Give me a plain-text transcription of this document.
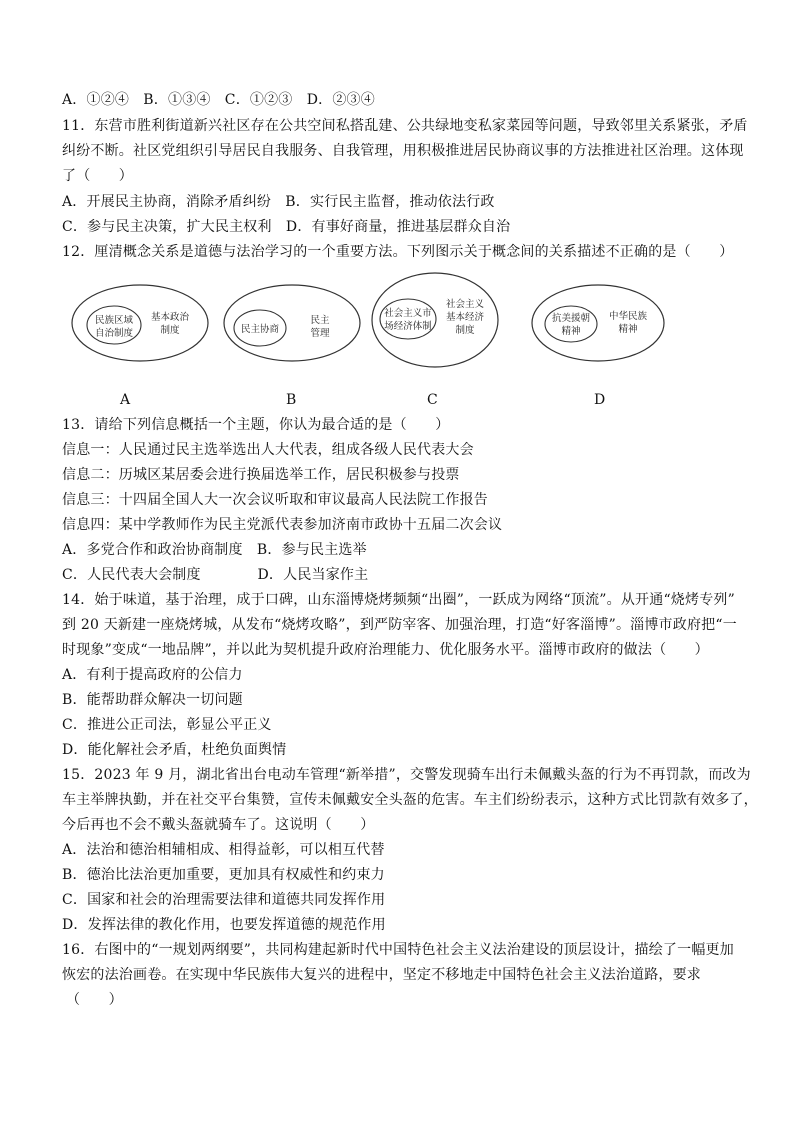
A．①②④　B．①③④　C．①②③　D．②③④
11．东营市胜利街道新兴社区存在公共空间私搭乱建、公共绿地变私家菜园等问题，导致邻里关系紧张，矛盾
纠纷不断。社区党组织引导居民自我服务、自我管理，用积极推进居民协商议事的方法推进社区治理。这体现
了（　　）
A．开展民主协商，消除矛盾纠纷　B．实行民主监督，推动依法行政
C．参与民主决策，扩大民主权利　D．有事好商量，推进基层群众自治
12．厘清概念关系是道德与法治学习的一个重要方法。下列图示关于概念间的关系描述不正确的是（　　）
民族区域
自治制度
基本政治
制度
A
民主协商
民主
管理
B
社会主义市
场经济体制
社会主义
基本经济
制度
C
抗美援朝
精神
中华民族
精神
D
13．请给下列信息概括一个主题，你认为最合适的是（　　）
信息一：人民通过民主选举选出人大代表，组成各级人民代表大会
信息二：历城区某居委会进行换届选举工作，居民积极参与投票
信息三：十四届全国人大一次会议听取和审议最高人民法院工作报告
信息四：某中学教师作为民主党派代表参加济南市政协十五届二次会议
A．多党合作和政治协商制度　B．参与民主选举
C．人民代表大会制度　　　　D．人民当家作主
14．始于味道，基于治理，成于口碑，山东淄博烧烤频频“出圈”，一跃成为网络“顶流”。从开通“烧烤专列”
到 20 天新建一座烧烤城，从发布“烧烤攻略”，到严防宰客、加强治理，打造“好客淄博”。淄博市政府把“一
时现象”变成“一地品牌”，并以此为契机提升政府治理能力、优化服务水平。淄博市政府的做法（　　）
A．有利于提高政府的公信力
B．能帮助群众解决一切问题
C．推进公正司法，彰显公平正义
D．能化解社会矛盾，杜绝负面舆情
15．2023 年 9 月，湖北省出台电动车管理“新举措”，交警发现骑车出行未佩戴头盔的行为不再罚款，而改为
车主举牌执勤，并在社交平台集赞，宣传未佩戴安全头盔的危害。车主们纷纷表示，这种方式比罚款有效多了，
今后再也不会不戴头盔就骑车了。这说明（　　）
A．法治和德治相辅相成、相得益彰，可以相互代替
B．德治比法治更加重要，更加具有权威性和约束力
C．国家和社会的治理需要法律和道德共同发挥作用
D．发挥法律的教化作用，也要发挥道德的规范作用
16．右图中的“一规划两纲要”，共同构建起新时代中国特色社会主义法治建设的顶层设计，描绘了一幅更加
恢宏的法治画卷。在实现中华民族伟大复兴的进程中，坚定不移地走中国特色社会主义法治道路，要求
（　　）
